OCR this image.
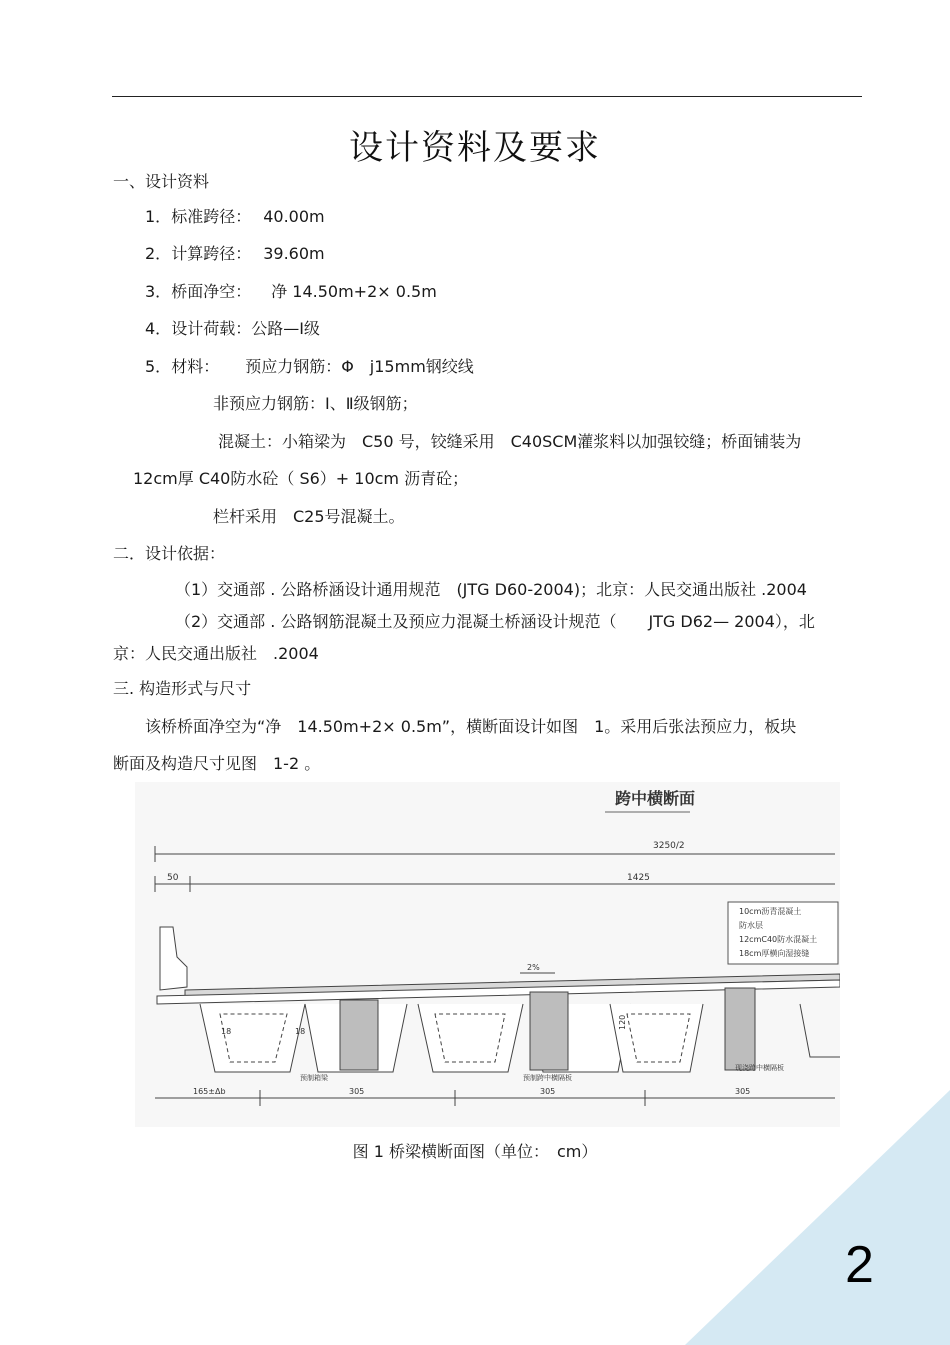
设计资料及要求
一、设计资料
1．标准跨径： 40.00m
2．计算跨径： 39.60m
3．桥面净空： 净 14.50m+2× 0.5m
4．设计荷载：公路—Ⅰ级
5．材料： 预应力钢筋：Φ　j15mm钢绞线
非预应力钢筋：Ⅰ、Ⅱ级钢筋；
混凝土：小箱梁为　C50 号，铰缝采用　C40SCM灌浆料以加强铰缝；桥面铺装为
12cm厚 C40防水砼（ S6）+ 10cm 沥青砼；
栏杆采用　C25号混凝土。
二．设计依据：
（1）交通部 . 公路桥涵设计通用规范　(JTG D60-2004)；北京：人民交通出版社 .2004
（2）交通部 . 公路钢筋混凝土及预应力混凝土桥涵设计规范（　　JTG D62— 2004），北
京：人民交通出版社　.2004
三. 构造形式与尺寸
该桥桥面净空为“净　14.50m+2× 0.5m”，横断面设计如图　1。采用后张法预应力，板块
断面及构造尺寸见图　1-2 。
跨中横断面
3250/2
50	1425
10cm沥青混凝土
防水层
12cmC40防水混凝土
18cm厚横向湿接缝
2%
120
18	18
预制箱梁	预制跨中横隔板
现浇跨中横隔板
165±Δb	305	305	305
图 1 桥梁横断面图（单位：　cm）
2
